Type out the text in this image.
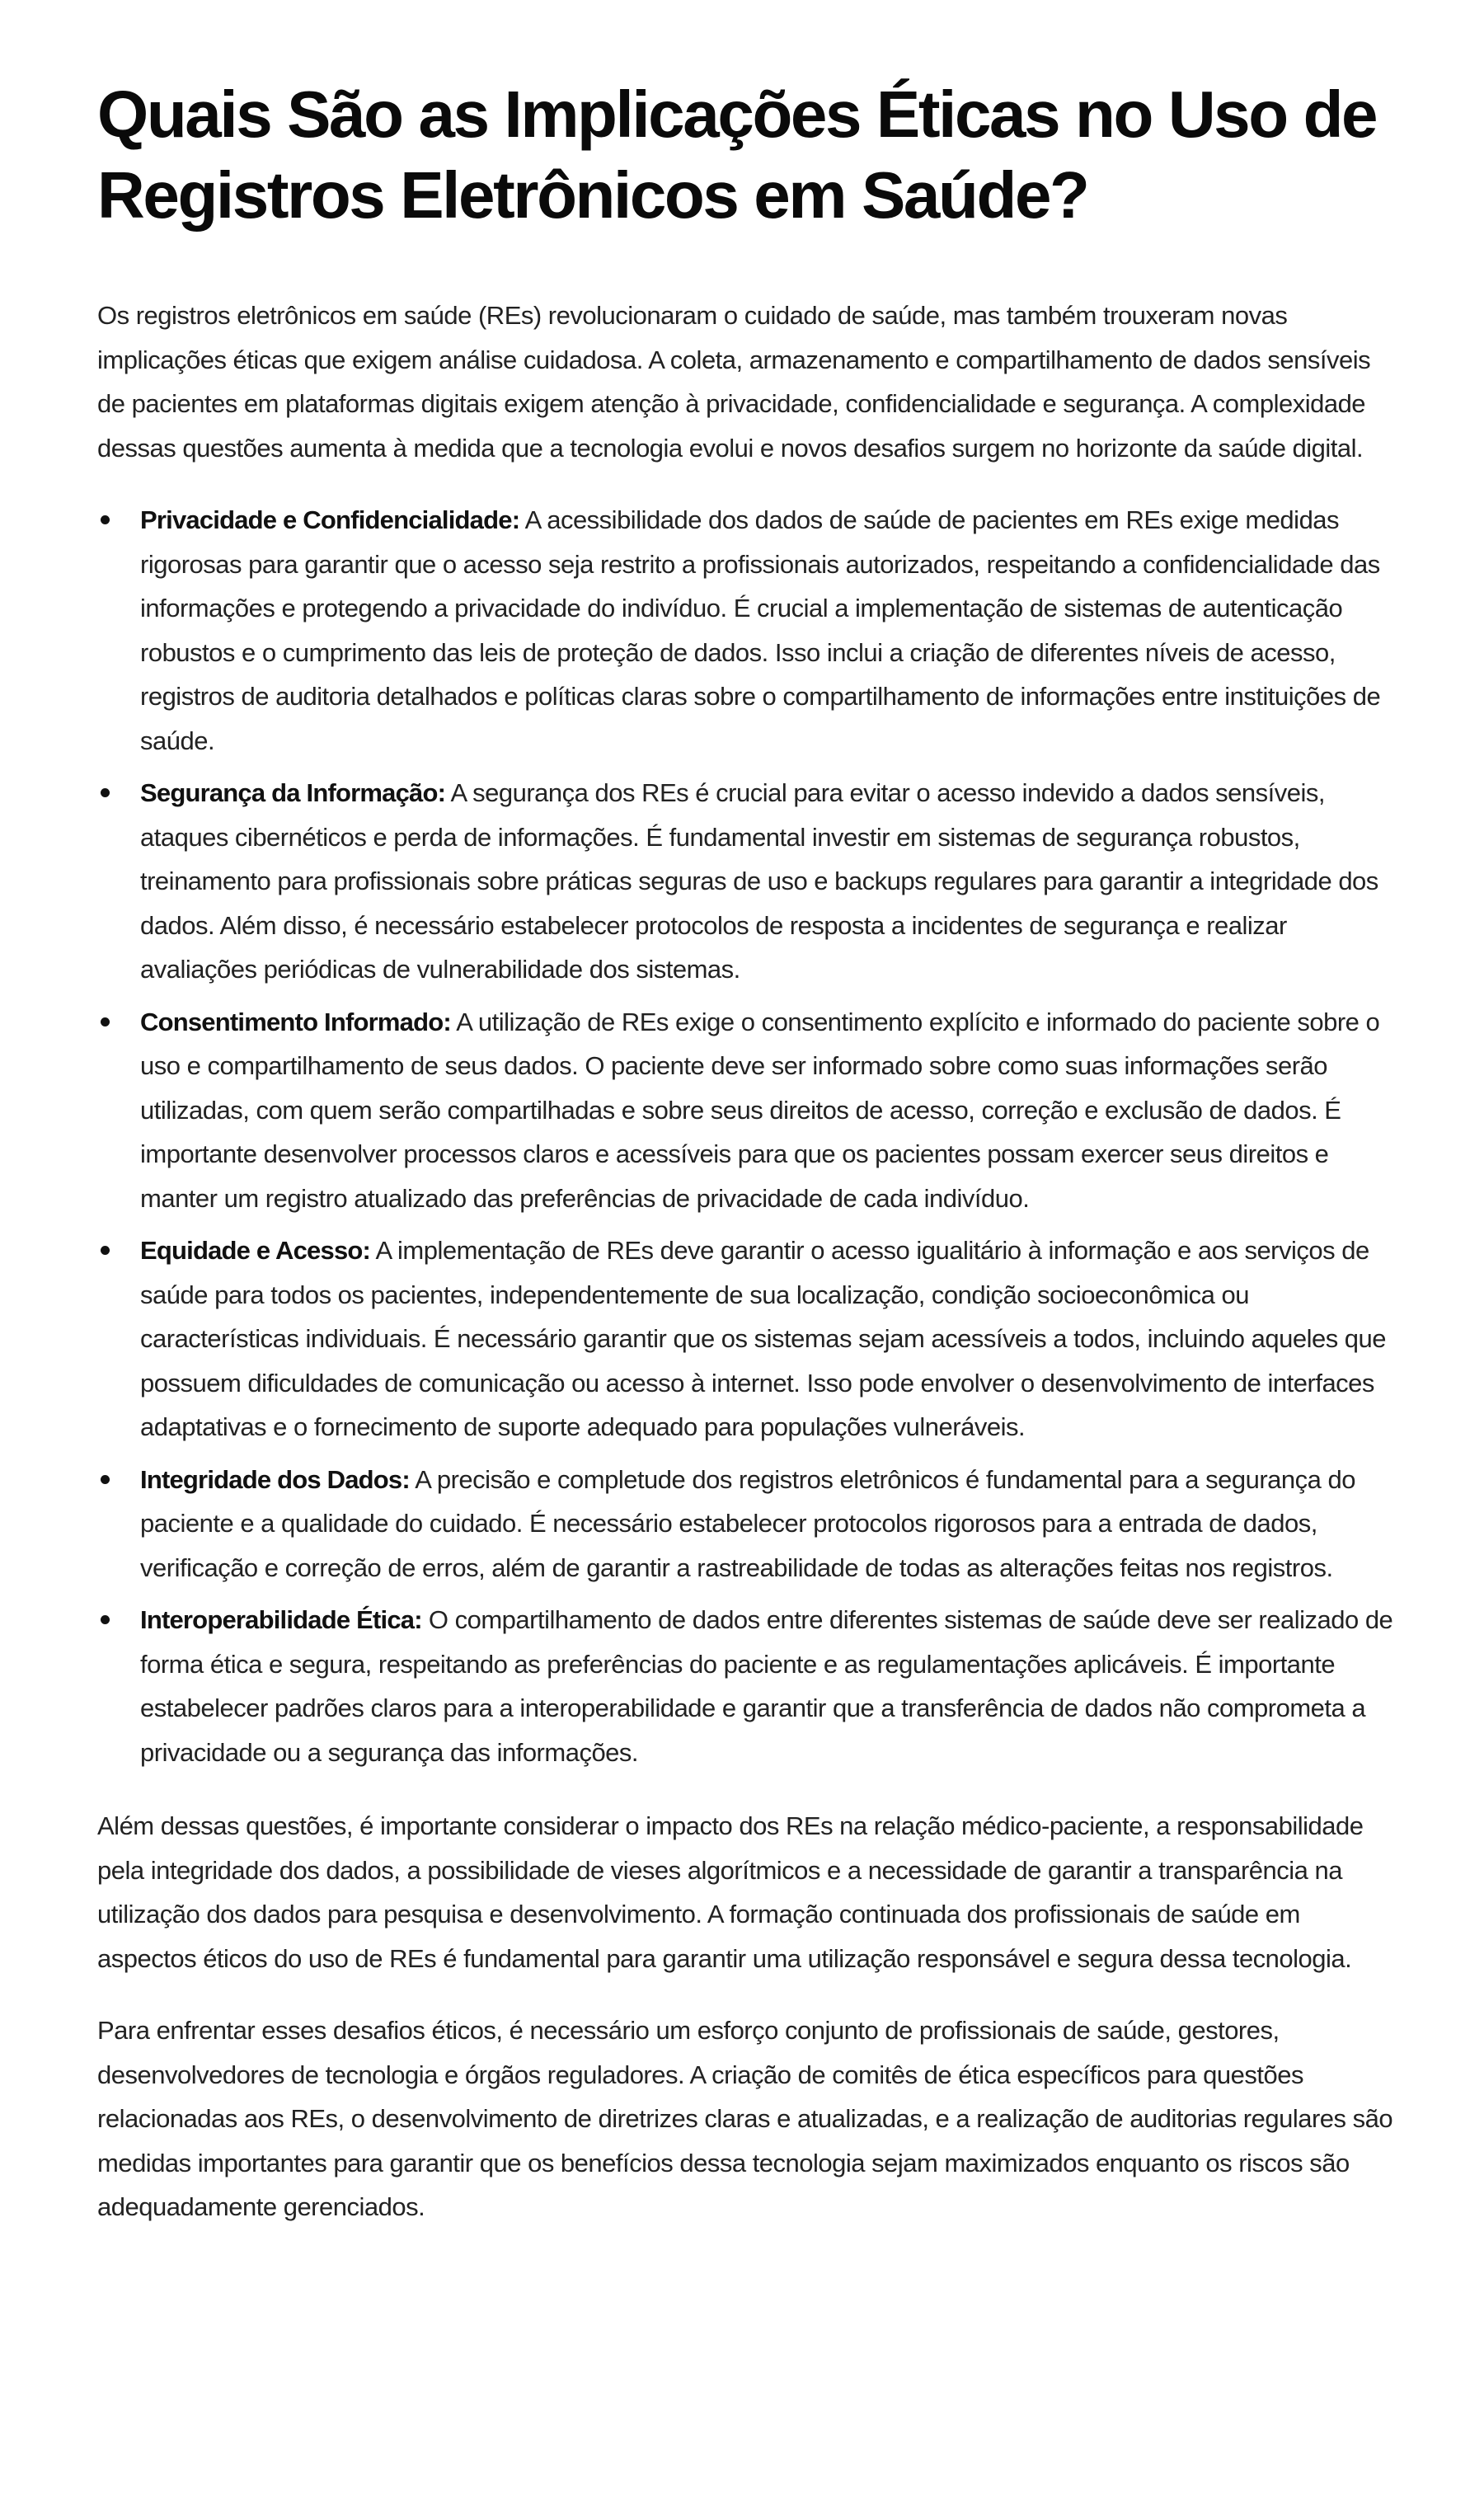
Quais São as Implicações Éticas no Uso de Registros Eletrônicos em Saúde?

Os registros eletrônicos em saúde (REs) revolucionaram o cuidado de saúde, mas também trouxeram novas implicações éticas que exigem análise cuidadosa. A coleta, armazenamento e compartilhamento de dados sensíveis de pacientes em plataformas digitais exigem atenção à privacidade, confidencialidade e segurança. A complexidade dessas questões aumenta à medida que a tecnologia evolui e novos desafios surgem no horizonte da saúde digital.

Privacidade e Confidencialidade: A acessibilidade dos dados de saúde de pacientes em REs exige medidas rigorosas para garantir que o acesso seja restrito a profissionais autorizados, respeitando a confidencialidade das informações e protegendo a privacidade do indivíduo. É crucial a implementação de sistemas de autenticação robustos e o cumprimento das leis de proteção de dados. Isso inclui a criação de diferentes níveis de acesso, registros de auditoria detalhados e políticas claras sobre o compartilhamento de informações entre instituições de saúde.
Segurança da Informação: A segurança dos REs é crucial para evitar o acesso indevido a dados sensíveis, ataques cibernéticos e perda de informações. É fundamental investir em sistemas de segurança robustos, treinamento para profissionais sobre práticas seguras de uso e backups regulares para garantir a integridade dos dados. Além disso, é necessário estabelecer protocolos de resposta a incidentes de segurança e realizar avaliações periódicas de vulnerabilidade dos sistemas.
Consentimento Informado: A utilização de REs exige o consentimento explícito e informado do paciente sobre o uso e compartilhamento de seus dados. O paciente deve ser informado sobre como suas informações serão utilizadas, com quem serão compartilhadas e sobre seus direitos de acesso, correção e exclusão de dados. É importante desenvolver processos claros e acessíveis para que os pacientes possam exercer seus direitos e manter um registro atualizado das preferências de privacidade de cada indivíduo.
Equidade e Acesso: A implementação de REs deve garantir o acesso igualitário à informação e aos serviços de saúde para todos os pacientes, independentemente de sua localização, condição socioeconômica ou características individuais. É necessário garantir que os sistemas sejam acessíveis a todos, incluindo aqueles que possuem dificuldades de comunicação ou acesso à internet. Isso pode envolver o desenvolvimento de interfaces adaptativas e o fornecimento de suporte adequado para populações vulneráveis.
Integridade dos Dados: A precisão e completude dos registros eletrônicos é fundamental para a segurança do paciente e a qualidade do cuidado. É necessário estabelecer protocolos rigorosos para a entrada de dados, verificação e correção de erros, além de garantir a rastreabilidade de todas as alterações feitas nos registros.
Interoperabilidade Ética: O compartilhamento de dados entre diferentes sistemas de saúde deve ser realizado de forma ética e segura, respeitando as preferências do paciente e as regulamentações aplicáveis. É importante estabelecer padrões claros para a interoperabilidade e garantir que a transferência de dados não comprometa a privacidade ou a segurança das informações.

Além dessas questões, é importante considerar o impacto dos REs na relação médico-paciente, a responsabilidade pela integridade dos dados, a possibilidade de vieses algorítmicos e a necessidade de garantir a transparência na utilização dos dados para pesquisa e desenvolvimento. A formação continuada dos profissionais de saúde em aspectos éticos do uso de REs é fundamental para garantir uma utilização responsável e segura dessa tecnologia.

Para enfrentar esses desafios éticos, é necessário um esforço conjunto de profissionais de saúde, gestores, desenvolvedores de tecnologia e órgãos reguladores. A criação de comitês de ética específicos para questões relacionadas aos REs, o desenvolvimento de diretrizes claras e atualizadas, e a realização de auditorias regulares são medidas importantes para garantir que os benefícios dessa tecnologia sejam maximizados enquanto os riscos são adequadamente gerenciados.
